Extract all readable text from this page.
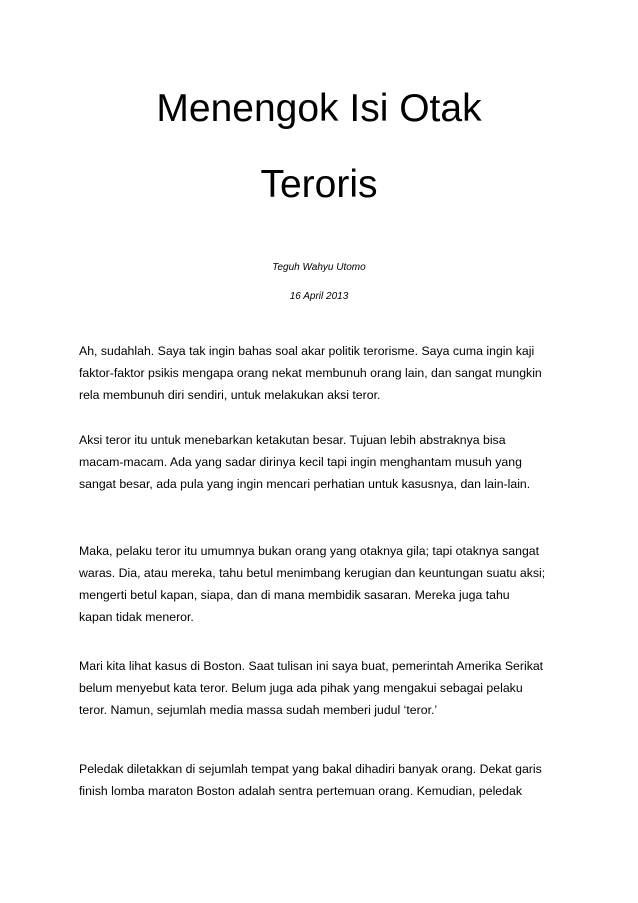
Menengok Isi Otak
Teroris
Teguh Wahyu Utomo
16 April 2013
Ah, sudahlah. Saya tak ingin bahas soal akar politik terorisme. Saya cuma ingin kaji
faktor-faktor psikis mengapa orang nekat membunuh orang lain, dan sangat mungkin
rela membunuh diri sendiri, untuk melakukan aksi teror.
Aksi teror itu untuk menebarkan ketakutan besar. Tujuan lebih abstraknya bisa
macam-macam. Ada yang sadar dirinya kecil tapi ingin menghantam musuh yang
sangat besar, ada pula yang ingin mencari perhatian untuk kasusnya, dan lain-lain.
Maka, pelaku teror itu umumnya bukan orang yang otaknya gila; tapi otaknya sangat
waras. Dia, atau mereka, tahu betul menimbang kerugian dan keuntungan suatu aksi;
mengerti betul kapan, siapa, dan di mana membidik sasaran. Mereka juga tahu
kapan tidak meneror.
Mari kita lihat kasus di Boston. Saat tulisan ini saya buat, pemerintah Amerika Serikat
belum menyebut kata teror. Belum juga ada pihak yang mengakui sebagai pelaku
teror. Namun, sejumlah media massa sudah memberi judul ‘teror.’
Peledak diletakkan di sejumlah tempat yang bakal dihadiri banyak orang. Dekat garis
finish lomba maraton Boston adalah sentra pertemuan orang. Kemudian, peledak
